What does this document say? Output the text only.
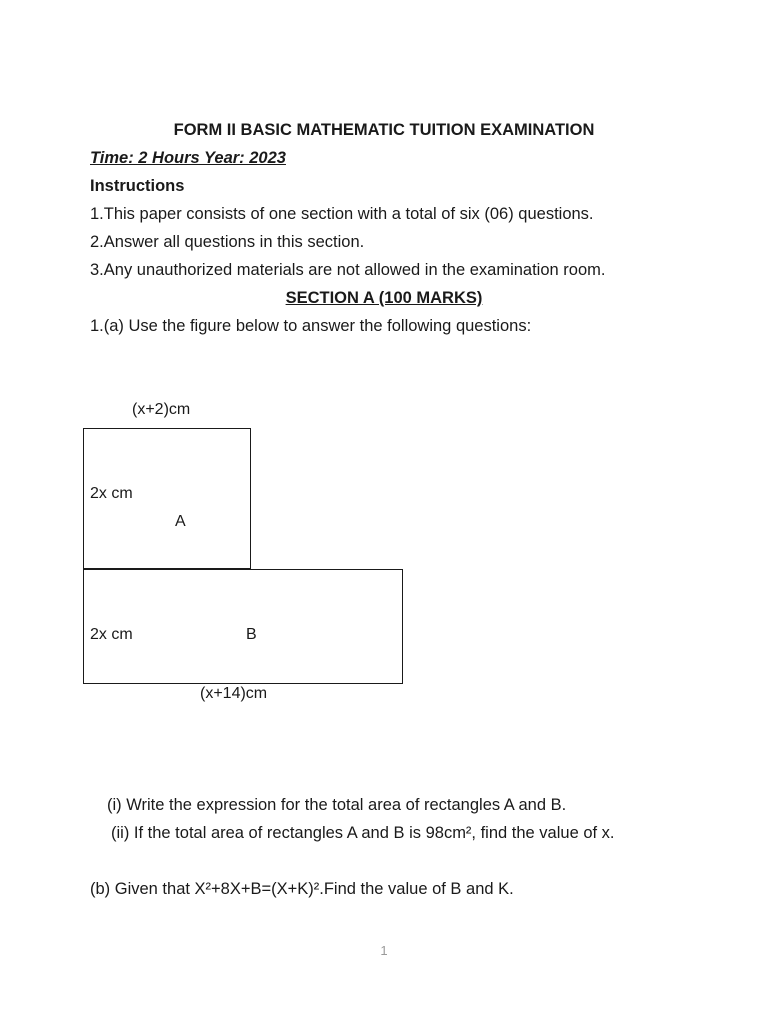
FORM II BASIC MATHEMATIC TUITION EXAMINATION
Time: 2 Hours Year: 2023
Instructions
1.This paper consists of one section with a total of six (06) questions.
2.Answer all questions in this section.
3.Any unauthorized materials are not allowed in the examination room.
SECTION A (100 MARKS)
1.(a) Use the figure below to answer the following questions:
(x+2)cm
2x cm
A
2x cm	B
(x+14)cm
(i) Write the expression for the total area of rectangles A and B.
(ii) If the total area of rectangles A and B is 98cm², find the value of x.
(b) Given that X²+8X+B=(X+K)².Find the value of B and K.
1
